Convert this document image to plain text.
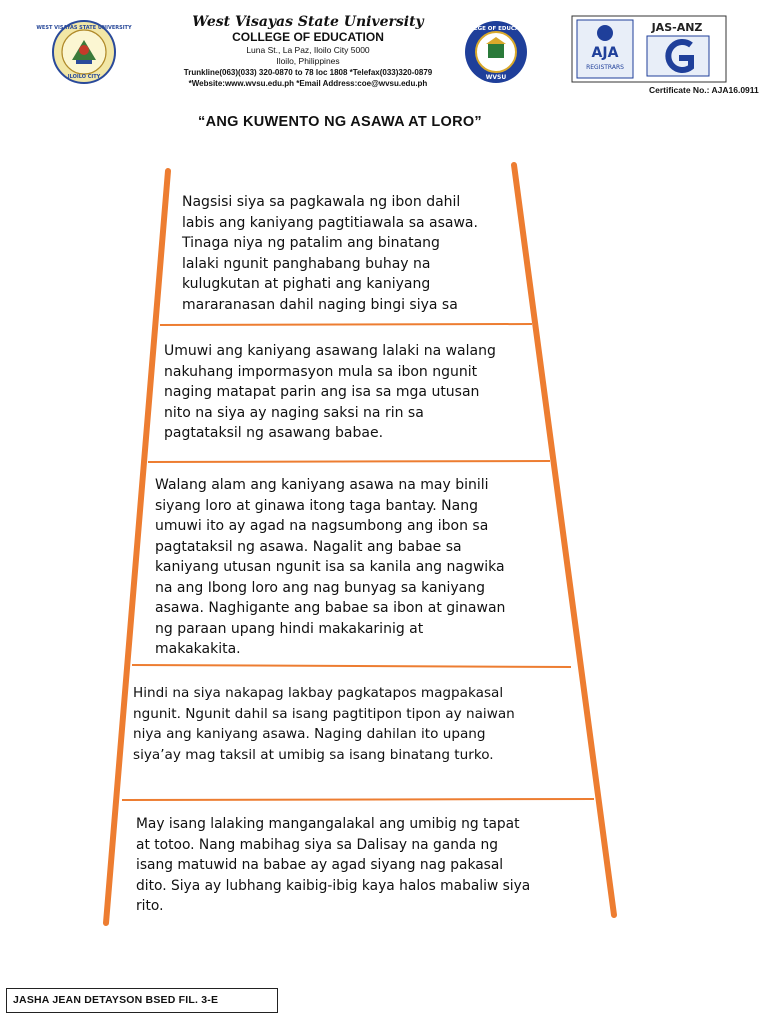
WEST VISAYAS STATE UNIVERSITY
ILOILO CITY
West Visayas State University
COLLEGE OF EDUCATION
Luna St., La Paz, Iloilo City 5000
Iloilo, Philippines
Trunkline(063)(033) 320-0870 to 78 loc 1808 *Telefax(033)320-0879
*Website:www.wvsu.edu.ph *Email Address:coe@wvsu.edu.ph
COLLEGE OF EDUCATION
WVSU
AJA
REGISTRARS
JAS-ANZ
Certificate No.: AJA16.0911
“ANG KUWENTO NG ASAWA AT LORO”
Nagsisi siya sa pagkawala ng ibon dahil
labis ang kaniyang pagtitiawala sa asawa.
Tinaga niya ng patalim ang binatang
lalaki ngunit panghabang buhay na
kulugkutan at pighati ang kaniyang
mararanasan dahil naging bingi siya sa
Umuwi ang kaniyang asawang lalaki na walang
nakuhang impormasyon mula sa ibon ngunit
naging matapat parin ang isa sa mga utusan
nito na siya ay naging saksi na rin sa
pagtataksil ng asawang babae.
Walang alam ang kaniyang asawa na may binili
siyang loro at ginawa itong taga bantay. Nang
umuwi ito ay agad na nagsumbong ang ibon sa
pagtataksil ng asawa. Nagalit ang babae sa
kaniyang utusan ngunit isa sa kanila ang nagwika
na ang Ibong loro ang nag bunyag sa kaniyang
asawa. Naghigante ang babae sa ibon at ginawan
ng paraan upang hindi makakarinig at
makakakita.
Hindi na siya nakapag lakbay pagkatapos magpakasal
ngunit. Ngunit dahil sa isang pagtitipon tipon ay naiwan
niya ang kaniyang asawa. Naging dahilan ito upang
siya’ay mag taksil at umibig sa isang binatang turko.
May isang lalaking mangangalakal ang umibig ng tapat
at totoo. Nang mabihag siya sa Dalisay na ganda ng
isang matuwid na babae ay agad siyang nag pakasal
dito. Siya ay lubhang kaibig-ibig kaya halos mabaliw siya
rito.
JASHA JEAN DETAYSON BSED FIL. 3-E
